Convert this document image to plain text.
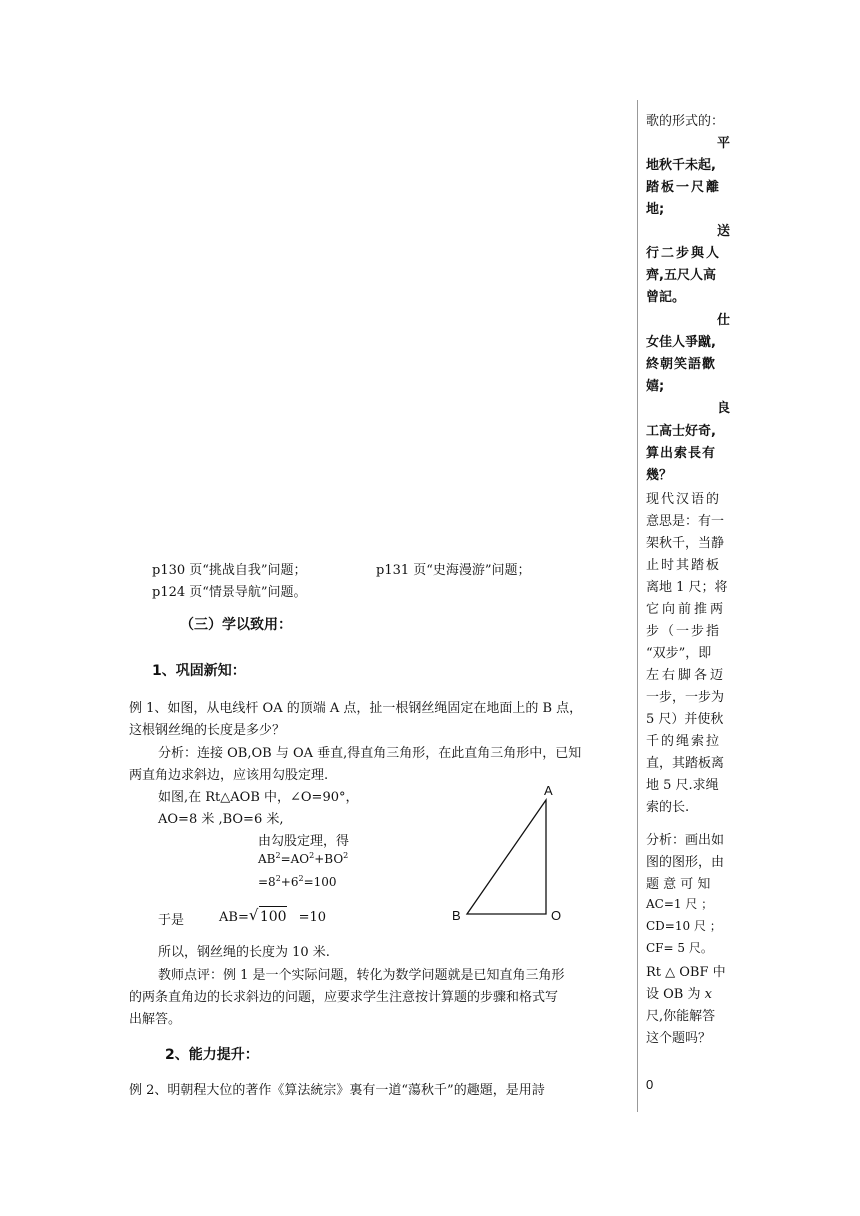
p130 页“挑战自我”问题；	p131 页“史海漫游”问题；
p124 页“情景导航”问题。
（三）学以致用：
1、巩固新知：
例 1、如图，从电线杆 OA 的顶端 A 点，扯一根钢丝绳固定在地面上的 B 点，
这根钢丝绳的长度是多少？
分析：连接 OB,OB 与 OA 垂直,得直角三角形，在此直角三角形中，已知
两直角边求斜边，应该用勾股定理.
如图,在 Rt△AOB 中，∠O=90°，
AO=8 米 ,BO=6 米,
由勾股定理，得
$AB^2=AO^2+BO^2$
$=8^2+6^2=100$
于是	AB= √ 100 =10
A
B	O
所以，钢丝绳的长度为 10 米.
教师点评：例 1 是一个实际问题，转化为数学问题就是已知直角三角形
的两条直角边的长求斜边的问题，应要求学生注意按计算题的步骤和格式写
出解答。
2、能力提升：
例 2、明朝程大位的著作《算法統宗》裏有一道“蕩秋千”的趣題，是用詩
歌的形式的：
平
地秋千未起,
踏板一尺離
地;
送
行二步與人
齊,五尺人高
曾記。
仕
女佳人爭蹴,
終朝笑語歡
嬉;
良
工高士好奇,
算出索長有
幾？
现代汉语的
意思是：有一
架秋千，当静
止时其踏板
离地 1 尺；将
它向前推两
步（一步指
“双步”，即
左右脚各迈
一步，一步为
5 尺）并使秋
千的绳索拉
直，其踏板离
地 5 尺.求绳
索的长.
分析：画出如
图的图形，由
题 意 可 知
AC=1 尺 ；
CD=10 尺 ；
CF= 5 尺。
Rt △ OBF 中
设 OB 为 x
尺,你能解答
这个题吗？
0
